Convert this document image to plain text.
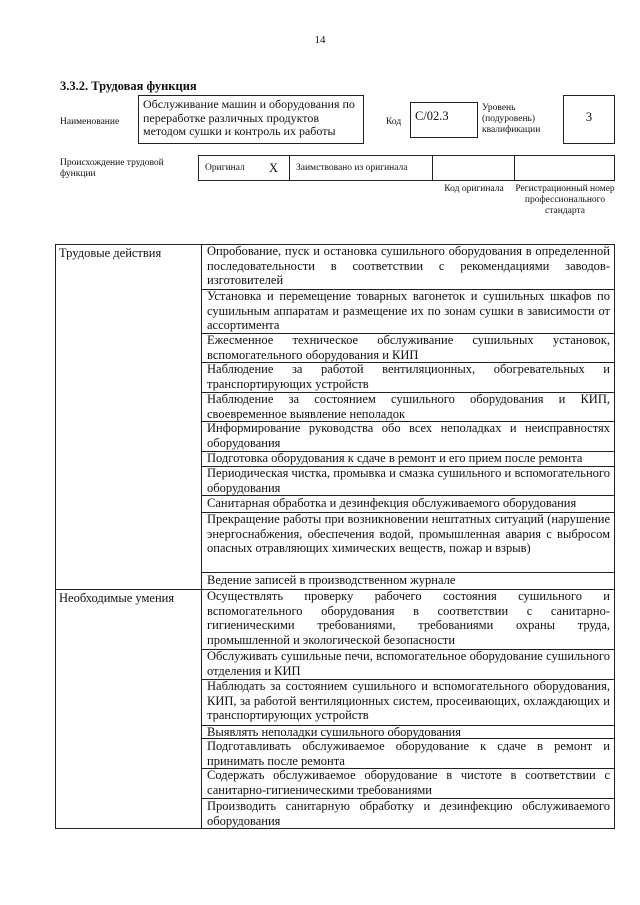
14
3.3.2. Трудовая функция
Наименование
Обслуживание машин и оборудования по переработке различных продуктов методом сушки и контроль их работы
Код	С/02.3
Уровень (подуровень) квалификации
3
Происхождение трудовой функции
Оригинал X Заимствовано из оригинала
Код оригинала	Регистрационный номер профессионального стандарта
Трудовые действия
Необходимые умения
Опробование, пуск и остановка сушильного оборудования в определенной последовательности в соответствии с рекомендациями заводов-изготовителей
Установка и перемещение товарных вагонеток и сушильных шкафов по сушильным аппаратам и размещение их по зонам сушки в зависимости от ассортимента
Ежесменное техническое обслуживание сушильных установок, вспомогательного оборудования и КИП
Наблюдение за работой вентиляционных, обогревательных и транспортирующих устройств
Наблюдение за состоянием сушильного оборудования и КИП, своевременное выявление неполадок
Информирование руководства обо всех неполадках и неисправностях оборудования
Подготовка оборудования к сдаче в ремонт и его прием после ремонта
Периодическая чистка, промывка и смазка сушильного и вспомогательного оборудования
Санитарная обработка и дезинфекция обслуживаемого оборудования
Прекращение работы при возникновении нештатных ситуаций (нарушение энергоснабжения, обеспечения водой, промышленная авария с выбросом опасных отравляющих химических веществ, пожар и взрыв)
Ведение записей в производственном журнале
Осуществлять проверку рабочего состояния сушильного и вспомогательного оборудования в соответствии с санитарно-гигиеническими требованиями, требованиями охраны труда, промышленной и экологической безопасности
Обслуживать сушильные печи, вспомогательное оборудование сушильного отделения и КИП
Наблюдать за состоянием сушильного и вспомогательного оборудования, КИП, за работой вентиляционных систем, просеивающих, охлаждающих и транспортирующих устройств
Выявлять неполадки сушильного оборудования
Подготавливать обслуживаемое оборудование к сдаче в ремонт и принимать после ремонта
Содержать обслуживаемое оборудование в чистоте в соответствии с санитарно-гигиеническими требованиями
Производить санитарную обработку и дезинфекцию обслуживаемого оборудования
